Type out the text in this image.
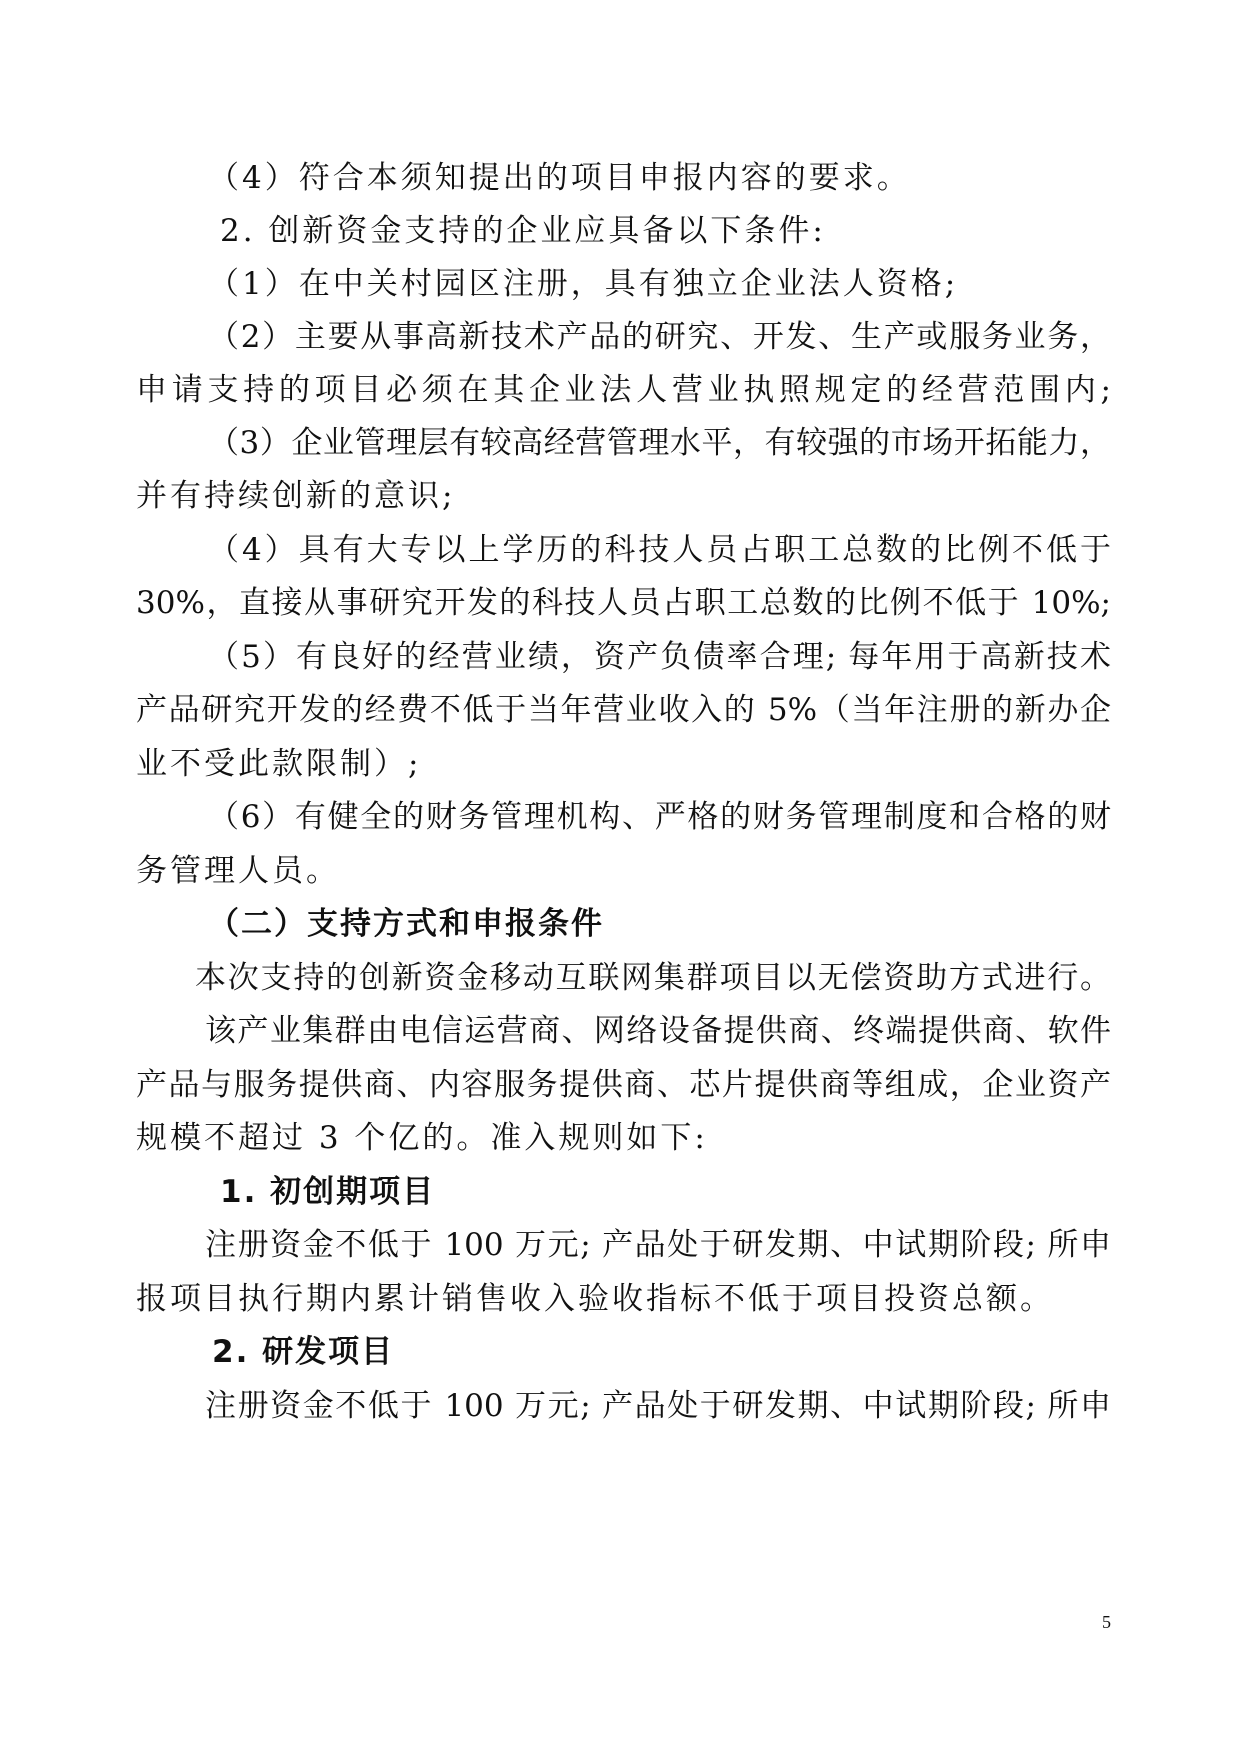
（4）符合本须知提出的项目申报内容的要求。
2. 创新资金支持的企业应具备以下条件:
（1）在中关村园区注册，具有独立企业法人资格;
（2）主要从事高新技术产品的研究、开发、生产或服务业务，
申请支持的项目必须在其企业法人营业执照规定的经营范围内;
（3）企业管理层有较高经营管理水平，有较强的市场开拓能力，
并有持续创新的意识;
（4）具有大专以上学历的科技人员占职工总数的比例不低于
30%，直接从事研究开发的科技人员占职工总数的比例不低于 10%;
（5）有良好的经营业绩，资产负债率合理; 每年用于高新技术
产品研究开发的经费不低于当年营业收入的 5%（当年注册的新办企
业不受此款限制）;
（6）有健全的财务管理机构、严格的财务管理制度和合格的财
务管理人员。
（二）支持方式和申报条件
本次支持的创新资金移动互联网集群项目以无偿资助方式进行。
该产业集群由电信运营商、网络设备提供商、终端提供商、软件
产品与服务提供商、内容服务提供商、芯片提供商等组成，企业资产
规模不超过 3 个亿的。准入规则如下:
1. 初创期项目
注册资金不低于 100 万元; 产品处于研发期、中试期阶段; 所申
报项目执行期内累计销售收入验收指标不低于项目投资总额。
2. 研发项目
注册资金不低于 100 万元; 产品处于研发期、中试期阶段; 所申
5
